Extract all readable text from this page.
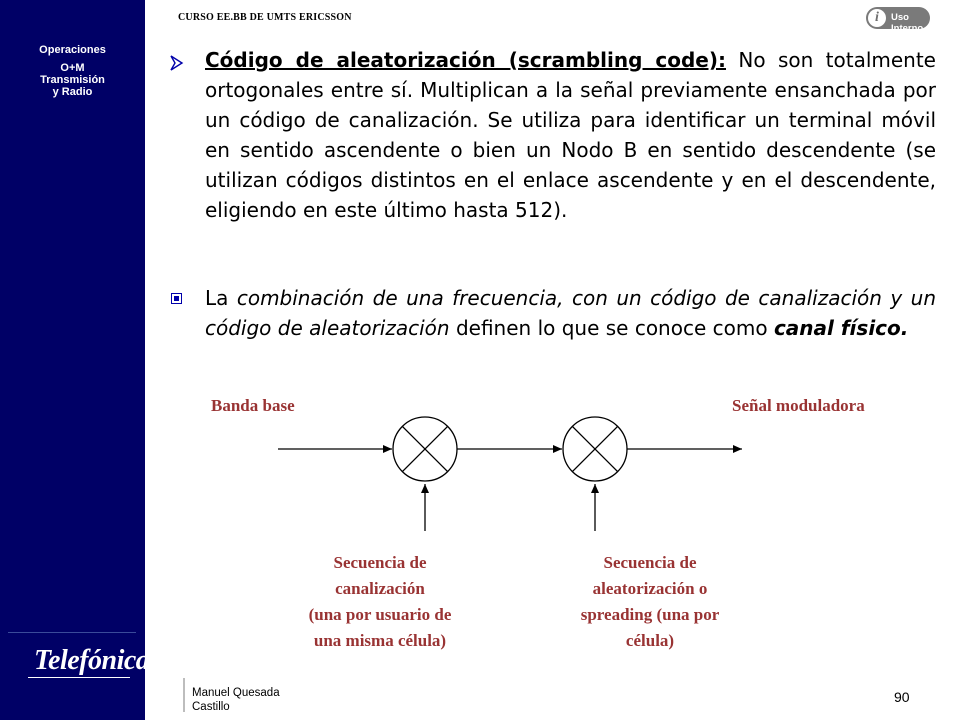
Operaciones
O+M
Transmisión
y Radio
Telefónica
CURSO EE.BB DE UMTS ERICSSON	i	Uso Interno
Código de aleatorización (scrambling code): No son totalmente ortogonales entre sí. Multiplican a la señal previamente ensanchada por un código de canalización. Se utiliza para identificar un terminal móvil en sentido ascendente o bien un Nodo B en sentido descendente (se utilizan códigos distintos en el enlace ascendente y en el descendente, eligiendo en este último hasta 512).
La combinación de una frecuencia, con un código de canalización y un código de aleatorización definen lo que se conoce como canal físico.
Banda base	Señal moduladora
Secuencia de
canalización
(una por usuario de
una misma célula)
Secuencia de
aleatorización o
spreading (una por
célula)
Manuel Quesada
Castillo
90
